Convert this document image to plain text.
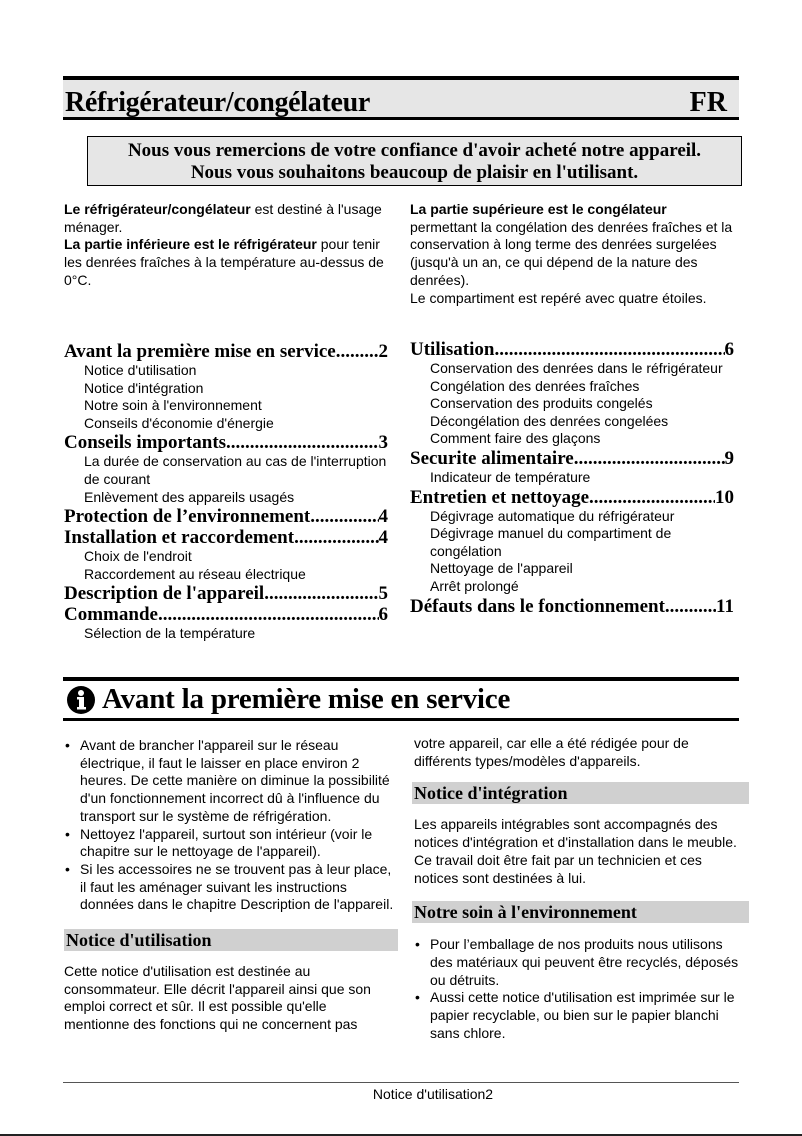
Réfrigérateur/congélateur	FR
Nous vous remercions de votre confiance d'avoir acheté notre appareil.
Nous vous souhaitons beaucoup de plaisir en l'utilisant.

Le réfrigérateur/congélateur est destiné à l'usage ménager.

La partie inférieure est le réfrigérateur pour tenir les denrées fraîches à la température au-dessus de 0°C.

La partie supérieure est le congélateur
permettant la congélation des denrées fraîches et la conservation à long terme des denrées surgelées (jusqu'à un an, ce qui dépend de la nature des denrées).

Le compartiment est repéré avec quatre étoiles.

Avant la première mise en service ..... 2
Notice d'utilisation
Notice d'intégration
Notre soin à l'environnement
Conseils d'économie d'énergie
Conseils importants .....	3
La durée de conservation au cas de l'interruption de courant
Enlèvement des appareils usagés
Protection de l’environnement .....	4
Installation et raccordement .....	4
Choix de l'endroit
Raccordement au réseau électrique
Description de l'appareil .....	5
Commande .....	6
Sélection de la température
Utilisation .....	6
Conservation des denrées dans le réfrigérateur
Congélation des denrées fraîches
Conservation des produits congelés
Décongélation des denrées congelées
Comment faire des glaçons
Securite alimentaire .....	9
Indicateur de température
Entretien et nettoyage .....	10
Dégivrage automatique du réfrigérateur
Dégivrage manuel du compartiment de congélation
Nettoyage de l'appareil
Arrêt prolongé
Défauts dans le fonctionnement .....	11
Avant la première mise en service
• Avant de brancher l'appareil sur le réseau électrique, il faut le laisser en place environ 2 heures. De cette manière on diminue la possibilité d'un fonctionnement incorrect dû à l'influence du transport sur le système de réfrigération.
• Nettoyez l'appareil, surtout son intérieur (voir le chapitre sur le nettoyage de l'appareil).
• Si les accessoires ne se trouvent pas à leur place, il faut les aménager suivant les instructions données dans le chapitre Description de l'appareil.
Notice d'utilisation

Cette notice d'utilisation est destinée au consommateur. Elle décrit l'appareil ainsi que son emploi correct et sûr. Il est possible qu'elle mentionne des fonctions qui ne concernent pas

votre appareil, car elle a été rédigée pour de différents types/modèles d'appareils.

Notice d'intégration

Les appareils intégrables sont accompagnés des notices d'intégration et d'installation dans le meuble. Ce travail doit être fait par un technicien et ces notices sont destinées à lui.

Notre soin à l'environnement
• Pour l’emballage de nos produits nous utilisons des matériaux qui peuvent être recyclés, déposés ou détruits.
• Aussi cette notice d'utilisation est imprimée sur le papier recyclable, ou bien sur le papier blanchi sans chlore.
Notice d'utilisation2
